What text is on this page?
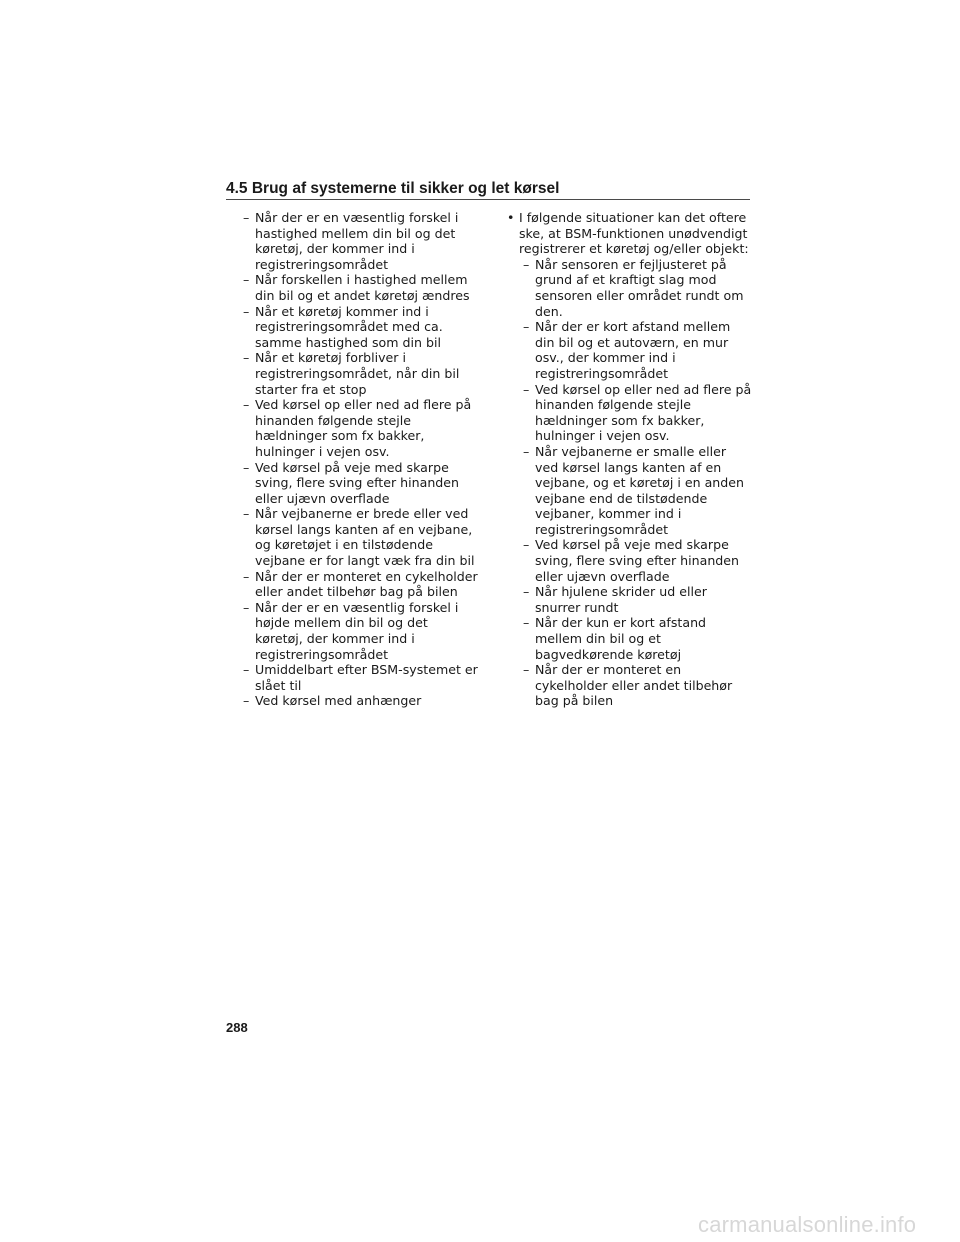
4.5 Brug af systemerne til sikker og let kørsel
– Når der er en væsentlig forskel i hastighed mellem din bil og det køretøj, der kommer ind i registreringsområdet
– Når forskellen i hastighed mellem din bil og et andet køretøj ændres
– Når et køretøj kommer ind i registreringsområdet med ca. samme hastighed som din bil
– Når et køretøj forbliver i registreringsområdet, når din bil starter fra et stop
– Ved kørsel op eller ned ad flere på hinanden følgende stejle hældninger som fx bakker, hulninger i vejen osv.
– Ved kørsel på veje med skarpe sving, flere sving efter hinanden eller ujævn overflade
– Når vejbanerne er brede eller ved kørsel langs kanten af en vejbane, og køretøjet i en tilstødende vejbane er for langt væk fra din bil
– Når der er monteret en cykelholder eller andet tilbehør bag på bilen
– Når der er en væsentlig forskel i højde mellem din bil og det køretøj, der kommer ind i registreringsområdet
– Umiddelbart efter BSM-systemet er slået til
– Ved kørsel med anhænger
• I følgende situationer kan det oftere ske, at BSM-funktionen unødvendigt registrerer et køretøj og/eller objekt:
– Når sensoren er fejljusteret på grund af et kraftigt slag mod sensoren eller området rundt om den.
– Når der er kort afstand mellem din bil og et autoværn, en mur osv., der kommer ind i registreringsområdet
– Ved kørsel op eller ned ad flere på hinanden følgende stejle hældninger som fx bakker, hulninger i vejen osv.
– Når vejbanerne er smalle eller ved kørsel langs kanten af en vejbane, og et køretøj i en anden vejbane end de tilstødende vejbaner, kommer ind i registreringsområdet
– Ved kørsel på veje med skarpe sving, flere sving efter hinanden eller ujævn overflade
– Når hjulene skrider ud eller snurrer rundt
– Når der kun er kort afstand mellem din bil og et bagvedkørende køretøj
– Når der er monteret en cykelholder eller andet tilbehør bag på bilen
288
carmanualsonline.info
